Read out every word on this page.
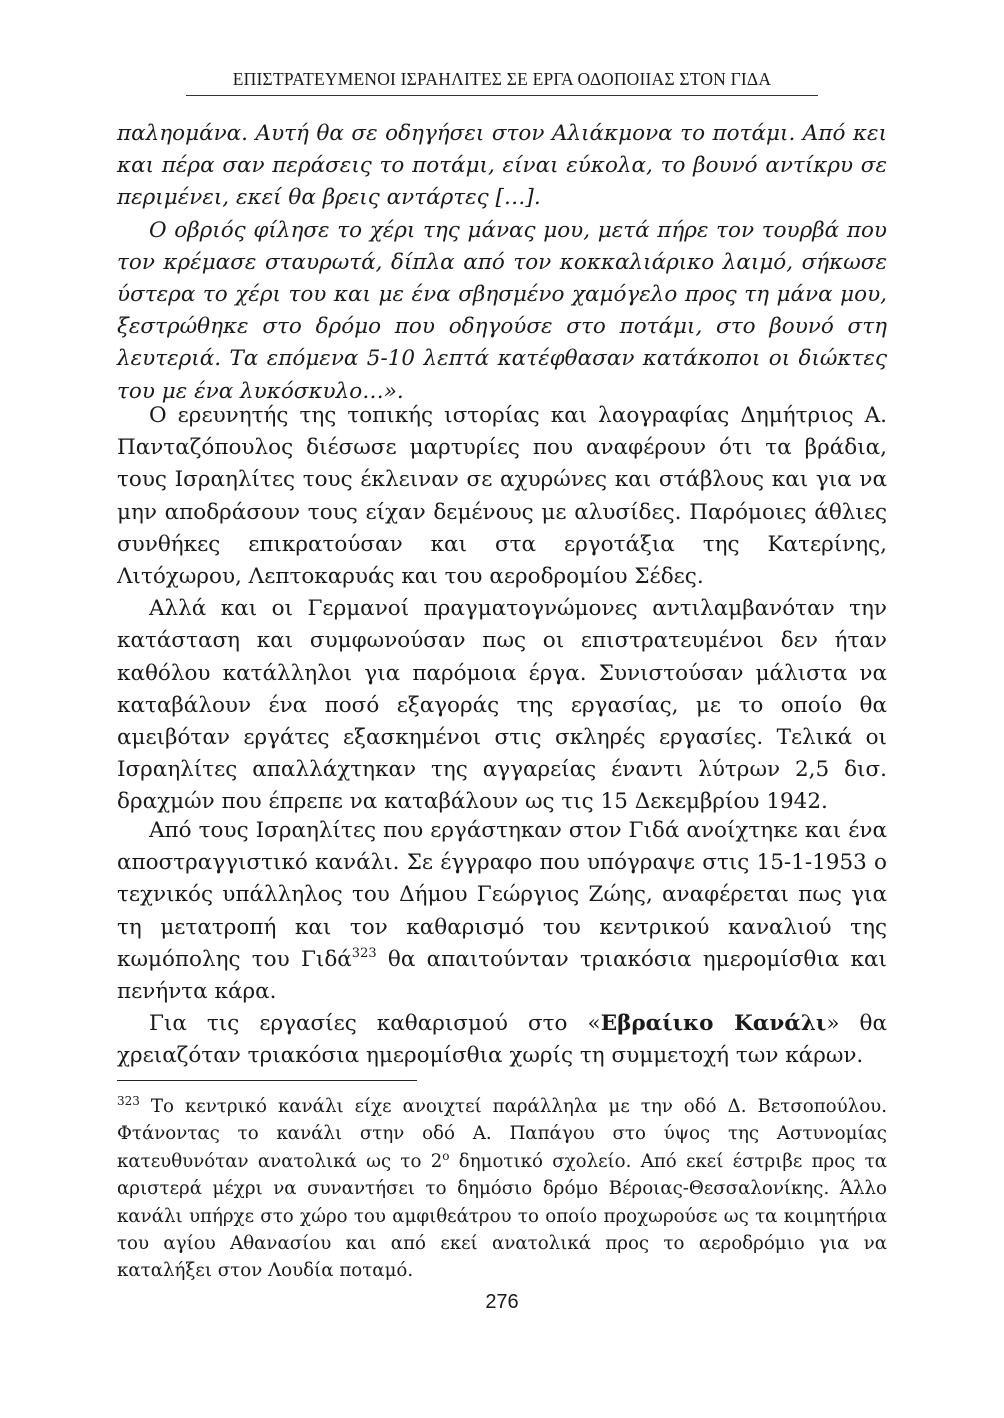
ΕΠΙΣΤΡΑΤΕΥΜΕΝΟΙ ΙΣΡΑΗΛΙΤΕΣ ΣΕ ΕΡΓΑ ΟΔΟΠΟΙΙΑΣ ΣΤΟΝ ΓΙΔΑ

παληομάνα. Αυτή θα σε οδηγήσει στον Αλιάκμονα το ποτάμι. Από κει και πέρα σαν περάσεις το ποτάμι, είναι εύκολα, το βουνό αντίκρυ σε περιμένει, εκεί θα βρεις αντάρτες […].

Ο οβριός φίλησε το χέρι της μάνας μου, μετά πήρε τον τουρβά που τον κρέμασε σταυρωτά, δίπλα από τον κοκκαλιάρικο λαιμό, σήκωσε ύστερα το χέρι του και με ένα σβησμένο χαμόγελο προς τη μάνα μου, ξεστρώθηκε στο δρόμο που οδηγούσε στο ποτάμι, στο βουνό στη λευτεριά. Τα επόμενα 5-10 λεπτά κατέφθασαν κατάκοποι οι διώκτες του με ένα λυκόσκυλο…».

Ο ερευνητής της τοπικής ιστορίας και λαογραφίας Δημήτριος Α. Πανταζόπουλος διέσωσε μαρτυρίες που αναφέρουν ότι τα βράδια, τους Ισραηλίτες τους έκλειναν σε αχυρώνες και στάβλους και για να μην αποδράσουν τους είχαν δεμένους με αλυσίδες. Παρόμοιες άθλιες συνθήκες επικρατούσαν και στα εργοτάξια της Κατερίνης, Λιτόχωρου, Λεπτοκαρυάς και του αεροδρομίου Σέδες.

Αλλά και οι Γερμανοί πραγματογνώμονες αντιλαμβανόταν την κατάσταση και συμφωνούσαν πως οι επιστρατευμένοι δεν ήταν καθόλου κατάλληλοι για παρόμοια έργα. Συνιστούσαν μάλιστα να καταβάλουν ένα ποσό εξαγοράς της εργασίας, με το οποίο θα αμειβόταν εργάτες εξασκημένοι στις σκληρές εργασίες. Τελικά οι Ισραηλίτες απαλλάχτηκαν της αγγαρείας έναντι λύτρων 2,5 δισ. δραχμών που έπρεπε να καταβάλουν ως τις 15 Δεκεμβρίου 1942.

Από τους Ισραηλίτες που εργάστηκαν στον Γιδά ανοίχτηκε και ένα αποστραγγιστικό κανάλι. Σε έγγραφο που υπόγραψε στις 15-1-1953 ο τεχνικός υπάλληλος του Δήμου Γεώργιος Ζώης, αναφέρεται πως για τη μετατροπή και τον καθαρισμό του κεντρικού καναλιού της κωμόπολης του Γιδά$^{323}$ θα απαιτούνταν τριακόσια ημερομίσθια και πενήντα κάρα.

Για τις εργασίες καθαρισμού στο «Εβραίικο Κανάλι» θα χρειαζόταν τριακόσια ημερομίσθια χωρίς τη συμμετοχή των κάρων.

$^{323}$ Το κεντρικό κανάλι είχε ανοιχτεί παράλληλα με την οδό Δ. Βετσοπούλου. Φτάνοντας το κανάλι στην οδό Α. Παπάγου στο ύψος της Αστυνομίας κατευθυνόταν ανατολικά ως το $2^o$ δημοτικό σχολείο. Από εκεί έστριβε προς τα αριστερά μέχρι να συναντήσει το δημόσιο δρόμο Βέροιας-Θεσσαλονίκης. Άλλο κανάλι υπήρχε στο χώρο του αμφιθεάτρου το οποίο προχωρούσε ως τα κοιμητήρια του αγίου Αθανασίου και από εκεί ανατολικά προς το αεροδρόμιο για να καταλήξει στον Λουδία ποταμό.

276
